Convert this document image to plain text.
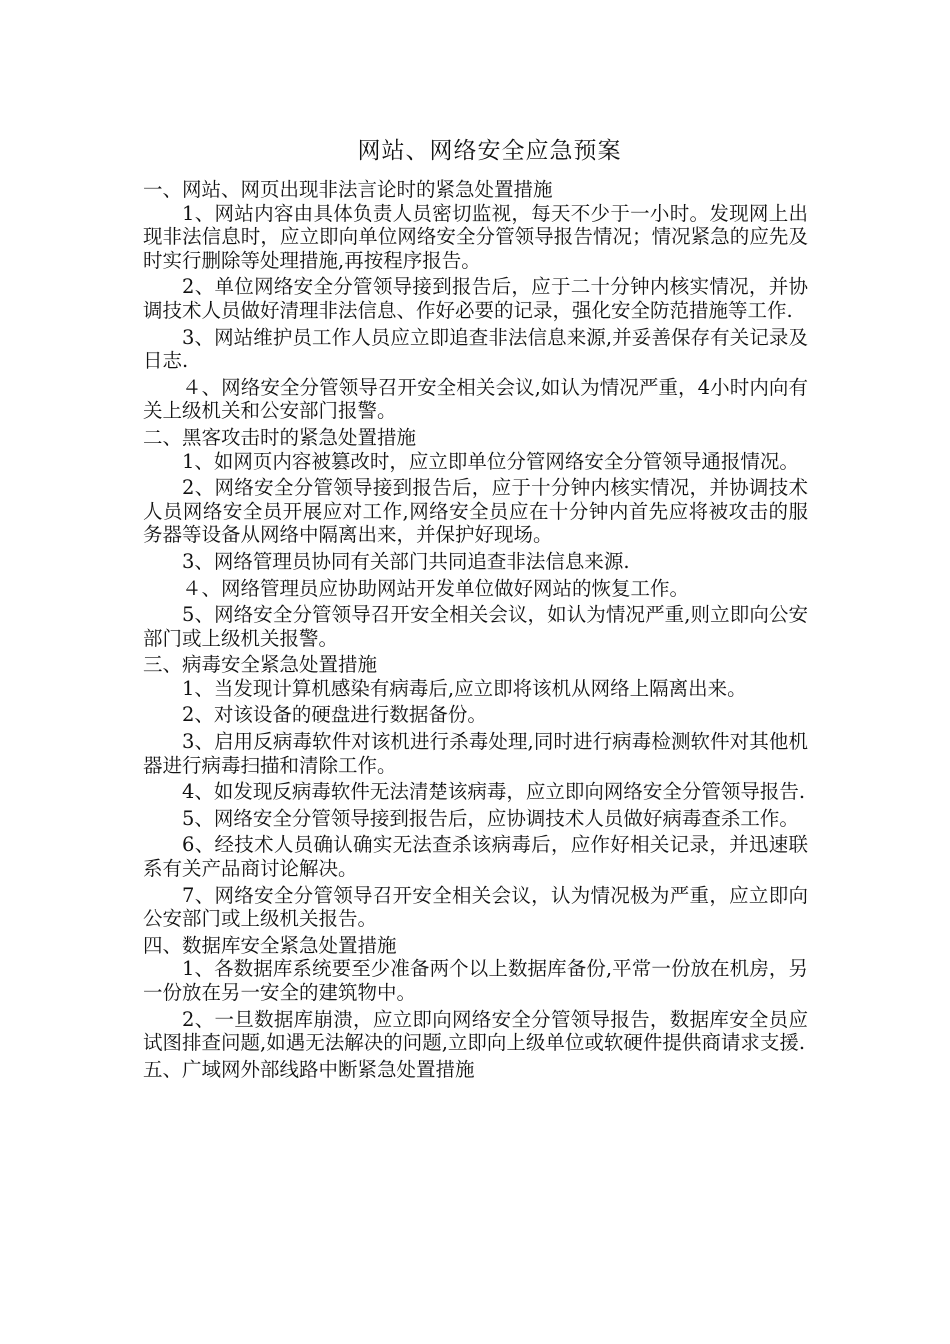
网站、网络安全应急预案
一、网站、网页出现非法言论时的紧急处置措施
1、网站内容由具体负责人员密切监视，每天不少于一小时。发现网上出现非法信息时，应立即向单位网络安全分管领导报告情况；情况紧急的应先及时实行删除等处理措施,再按程序报告。
2、单位网络安全分管领导接到报告后，应于二十分钟内核实情况，并协调技术人员做好清理非法信息、作好必要的记录，强化安全防范措施等工作.
3、网站维护员工作人员应立即追查非法信息来源,并妥善保存有关记录及日志.
４、网络安全分管领导召开安全相关会议,如认为情况严重，4小时内向有关上级机关和公安部门报警。
二、黑客攻击时的紧急处置措施
1、如网页内容被篡改时，应立即单位分管网络安全分管领导通报情况。
2、网络安全分管领导接到报告后，应于十分钟内核实情况，并协调技术人员网络安全员开展应对工作,网络安全员应在十分钟内首先应将被攻击的服务器等设备从网络中隔离出来，并保护好现场。
3、网络管理员协同有关部门共同追查非法信息来源.
４、网络管理员应协助网站开发单位做好网站的恢复工作。
5、网络安全分管领导召开安全相关会议，如认为情况严重,则立即向公安部门或上级机关报警。
三、病毒安全紧急处置措施
1、当发现计算机感染有病毒后,应立即将该机从网络上隔离出来。
2、对该设备的硬盘进行数据备份。
3、启用反病毒软件对该机进行杀毒处理,同时进行病毒检测软件对其他机器进行病毒扫描和清除工作。
4、如发现反病毒软件无法清楚该病毒，应立即向网络安全分管领导报告.
5、网络安全分管领导接到报告后，应协调技术人员做好病毒查杀工作。
6、经技术人员确认确实无法查杀该病毒后，应作好相关记录，并迅速联系有关产品商讨论解决。
7、网络安全分管领导召开安全相关会议，认为情况极为严重，应立即向公安部门或上级机关报告。
四、数据库安全紧急处置措施
1、各数据库系统要至少准备两个以上数据库备份,平常一份放在机房，另一份放在另一安全的建筑物中。
2、一旦数据库崩溃，应立即向网络安全分管领导报告，数据库安全员应试图排查问题,如遇无法解决的问题,立即向上级单位或软硬件提供商请求支援.
五、广域网外部线路中断紧急处置措施
